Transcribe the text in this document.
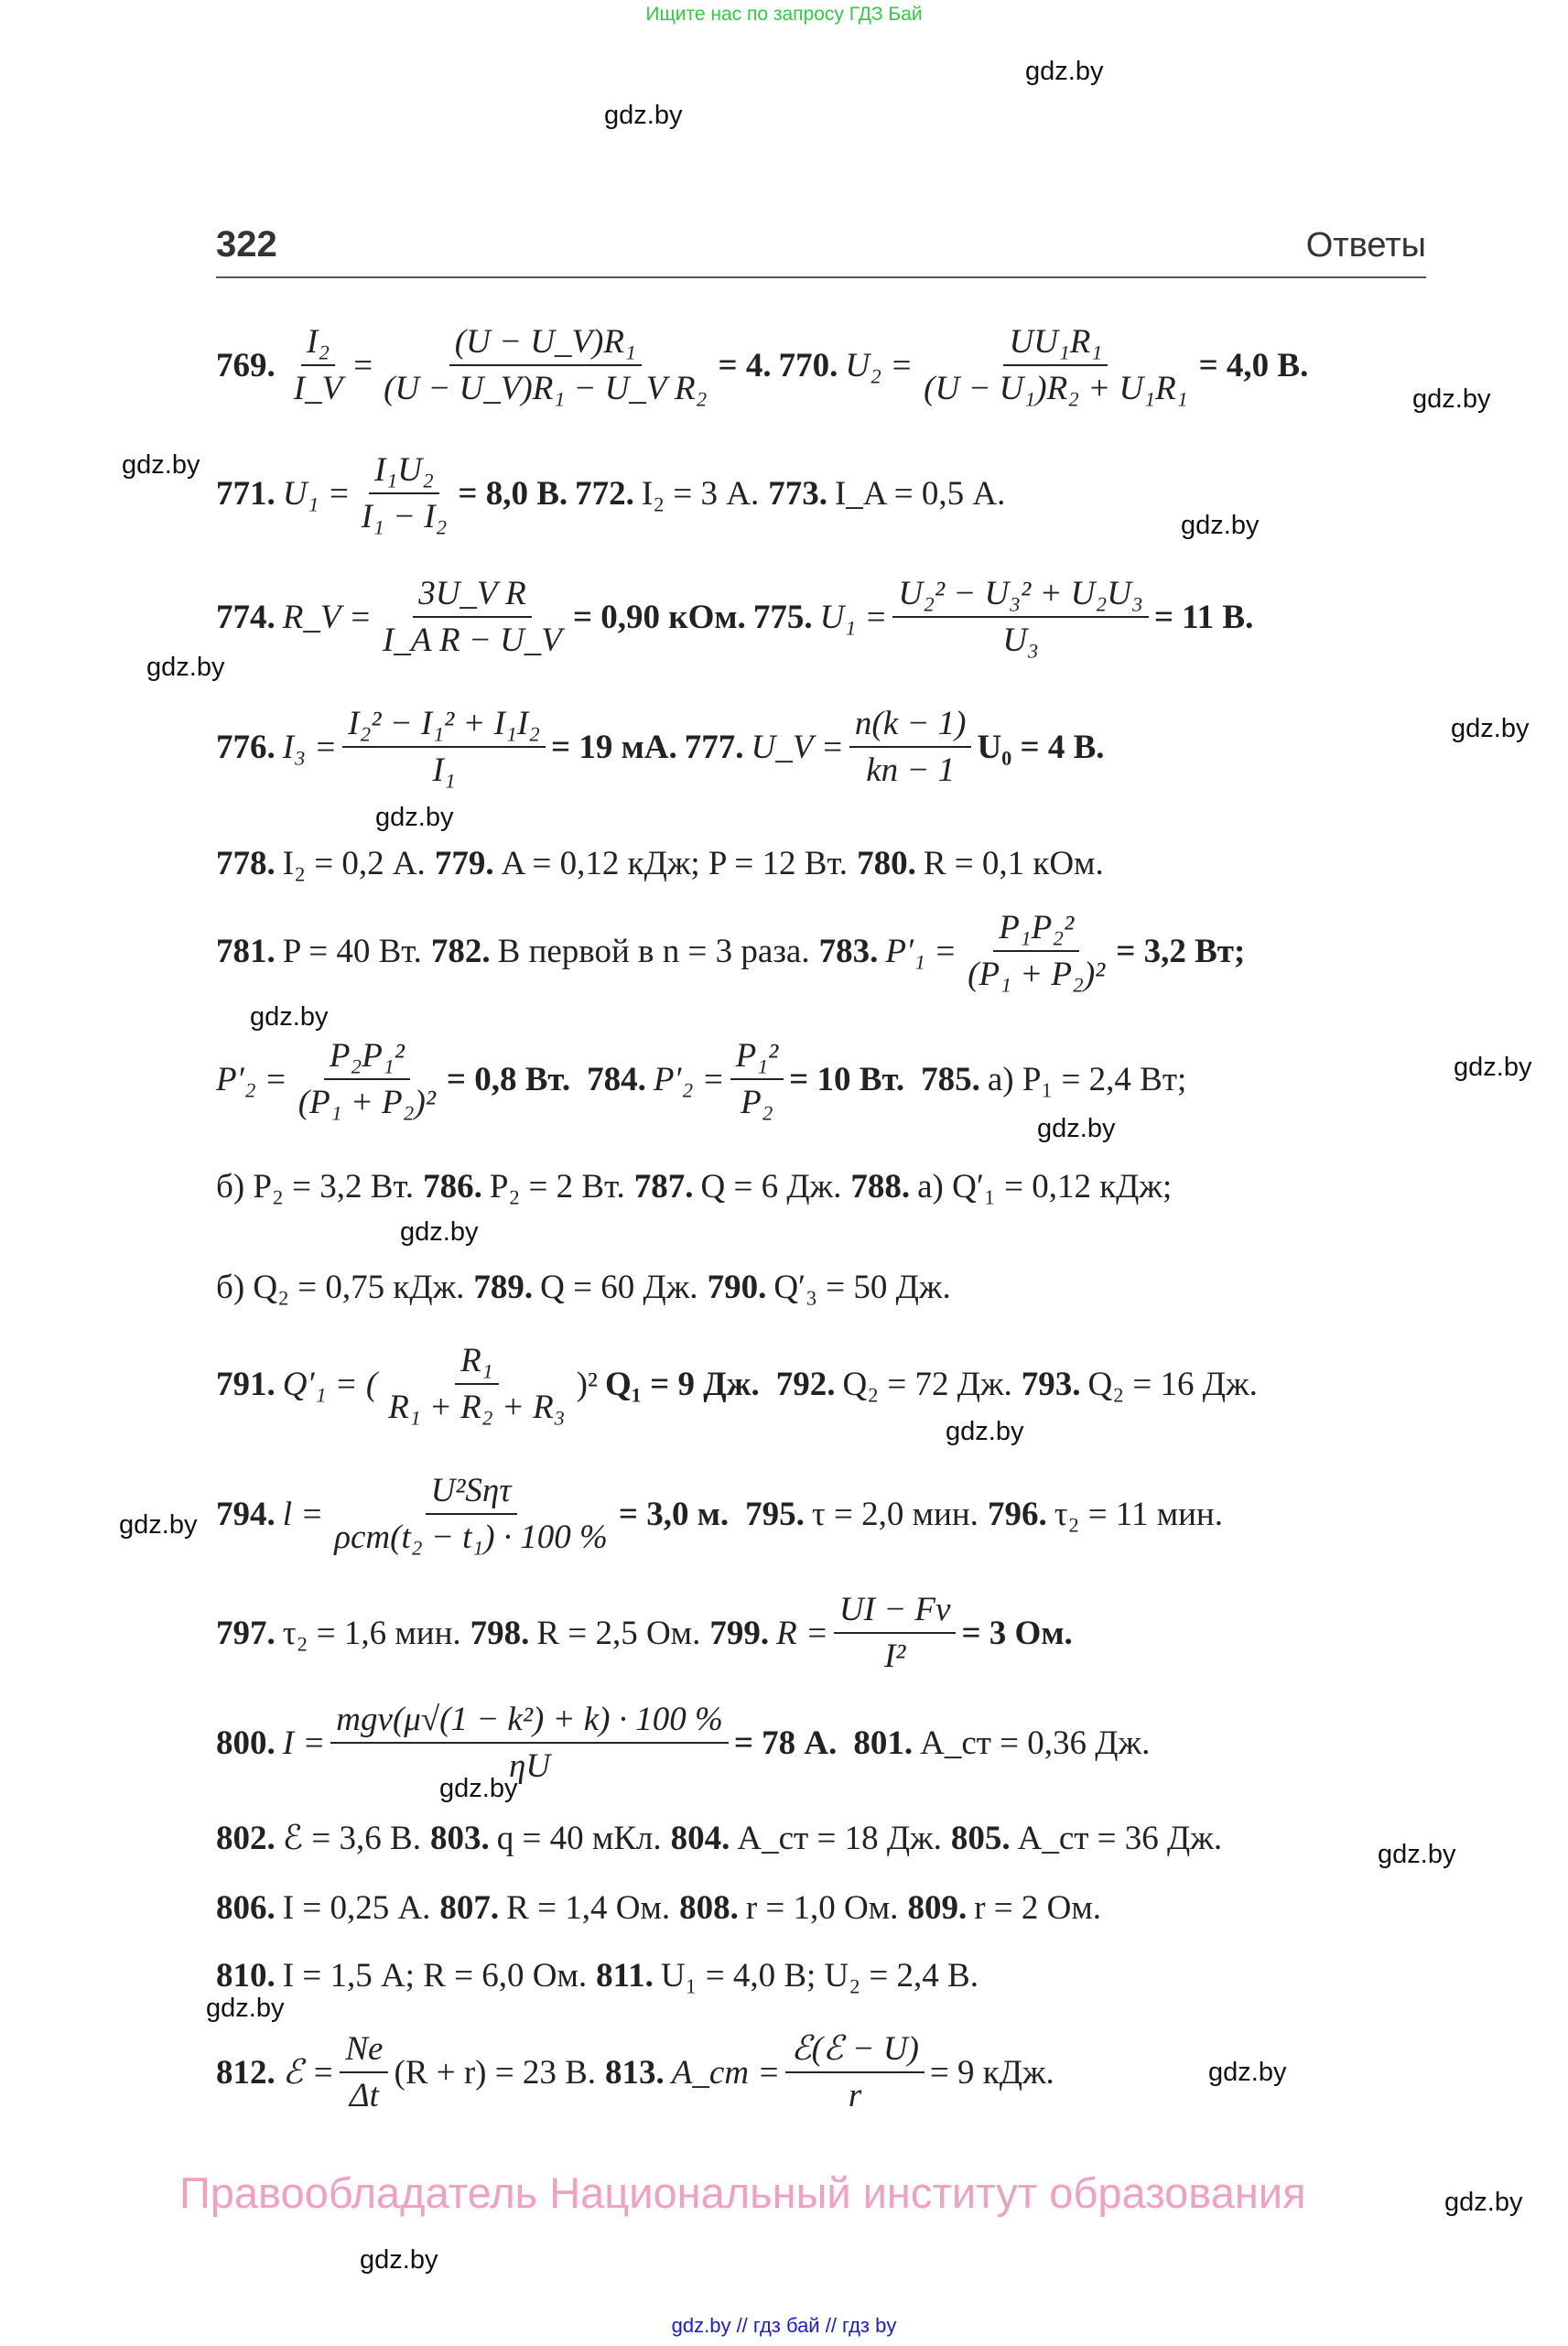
Ищите нас по запросу ГДЗ Бай
gdz.by
gdz.by
gdz.by
gdz.by
gdz.by
gdz.by
gdz.by
gdz.by
gdz.by
gdz.by
gdz.by
gdz.by
gdz.by
gdz.by
gdz.by
gdz.by
gdz.by
gdz.by
gdz.by
gdz.by
322	Ответы
769. $\frac{\text{I₂}}{I\_V} = \frac{\text{(U − U\_V)R₁}}{\text{(U − U\_V)R₁ − U\_V R₂}} = 4$. 770. $U_2 = \frac{\text{UU₁R₁}}{\text{(U − U₁)R₂ + U₁R₁}} = 4,0$ В.
771. $U_1 = \frac{\text{I₁U₂}}{\text{I₁ − I₂}} = 8,0$ В. 772. I₂ = 3 А. 773. I_A = 0,5 А.
774. R_V = $\frac{\text{3U\_V R}}{\text{I\_A R − U\_V}} = 0,90$ кОм. 775. $U_1 = \frac{\text{U₂² − U₃² + U₂U₃}}{\text{U₃}} = 11$ В.
776. $I_3 = \frac{\text{I₂² − I₁² + I₁I₂}}{\text{I₁}} = 19$ мА. 777. U_V = $\frac{n(k - 1)}{kn - 1} U_0 = 4$ В.
778. I₂ = 0,2 А. 779. A = 0,12 кДж; P = 12 Вт. 780. R = 0,1 кОм.
781. P = 40 Вт. 782. В первой в n = 3 раза. 783. $P'_1 = \frac{\text{P₁P₂²}}{\text{(P₁ + P₂)²}} = 3,2$ Вт;
$P'_2 = \frac{\text{P₂P₁²}}{\text{(P₁ + P₂)²}} = 0,8$ Вт. 784. $P'_2 = \frac{\text{P₁²}}{\text{P₂}} = 10$ Вт. 785. а) P₁ = 2,4 Вт;
б) P₂ = 3,2 Вт. 786. P₂ = 2 Вт. 787. Q = 6 Дж. 788. а) Q′₁ = 0,12 кДж;
б) Q₂ = 0,75 кДж. 789. Q = 60 Дж. 790. Q′₃ = 50 Дж.
791. Q′₁ = ( $\frac{\text{R₁}}{\text{R₁ + R₂ + R₃}} )^2$ Q₁ = 9 Дж. 792. Q₂ = 72 Дж. 793. Q₂ = 16 Дж.
794. $l = \frac{\text{U²Sητ}}{\text{ρcm(t₂ − t₁) · 100 \%}} = 3,0$ м. 795. τ = 2,0 мин. 796. τ₂ = 11 мин.
797. τ₂ = 1,6 мин. 798. R = 2,5 Ом. 799. $R = \frac{UI - Fv}{\text{I²}} = 3$ Ом.
800. $I = \frac{\text{mgv(μ√(1 − k²) + k) · 100 \%}}{\eta U} = 78$ А. 801. A_ст = 0,36 Дж.
802. ℰ = 3,6 В. 803. q = 40 мКл. 804. A_ст = 18 Дж. 805. A_ст = 36 Дж.
806. I = 0,25 А. 807. R = 1,4 Ом. 808. r = 1,0 Ом. 809. r = 2 Ом.
810. I = 1,5 А; R = 6,0 Ом. 811. U₁ = 4,0 В; U₂ = 2,4 В.
812. ℰ = $\frac{Ne}{\Delta t} (R + r) = 23$ В. 813. A_ст = $\frac{\text{ℰ(ℰ − U)}}{r} = 9$ кДж.
Правообладатель Национальный институт образования
gdz.by // гдз бай // гдз by
